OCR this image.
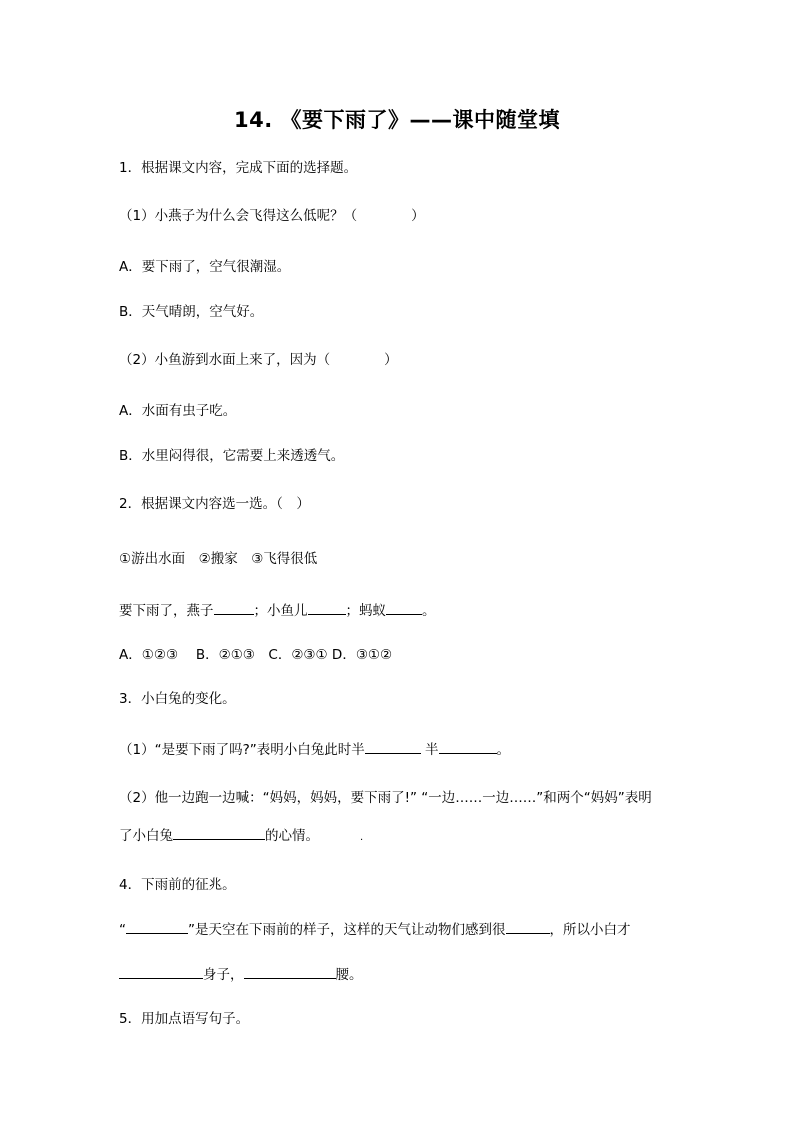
14. 《要下雨了》——课中随堂填
1．根据课文内容，完成下面的选择题。
（1）小燕子为什么会飞得这么低呢？（　　　　）
A．要下雨了，空气很潮湿。
B．天气晴朗，空气好。
（2）小鱼游到水面上来了，因为（　　　　）
A．水面有虫子吃。
B．水里闷得很，它需要上来透透气。
2．根据课文内容选一选。（　）
①游出水面　②搬家　③飞得很低
要下雨了，燕子	；小鱼儿	；蚂蚁	。
A．①②③　 B．②①③　C．②③① D．③①②
3．小白兔的变化。
（1）“是要下雨了吗?”表明小白兔此时半	半	。
（2）他一边跑一边喊：“妈妈，妈妈，要下雨了!” “一边……一边……”和两个“妈妈”表明
了小白兔	的心情。	.
4．下雨前的征兆。
“	”是天空在下雨前的样子，这样的天气让动物们感到很	，所以小白才
身子，	腰。
5．用加点语写句子。
